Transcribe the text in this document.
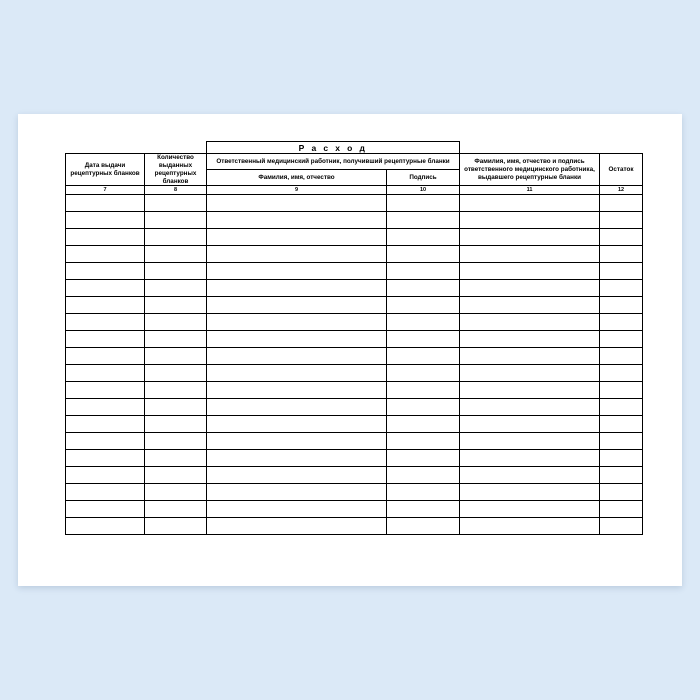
		Р а с х о д			
Дата выдачи рецептурных бланков	Количество выданных рецептурных бланков	Ответственный медицинский работник, получивший рецептурные бланки		Фамилия, имя, отчество и подпись ответственного медицинского работника, выдавшего рецептурные бланки	Остаток
		Фамилия, имя, отчество	Подпись		
7	8	9	10	11	12
